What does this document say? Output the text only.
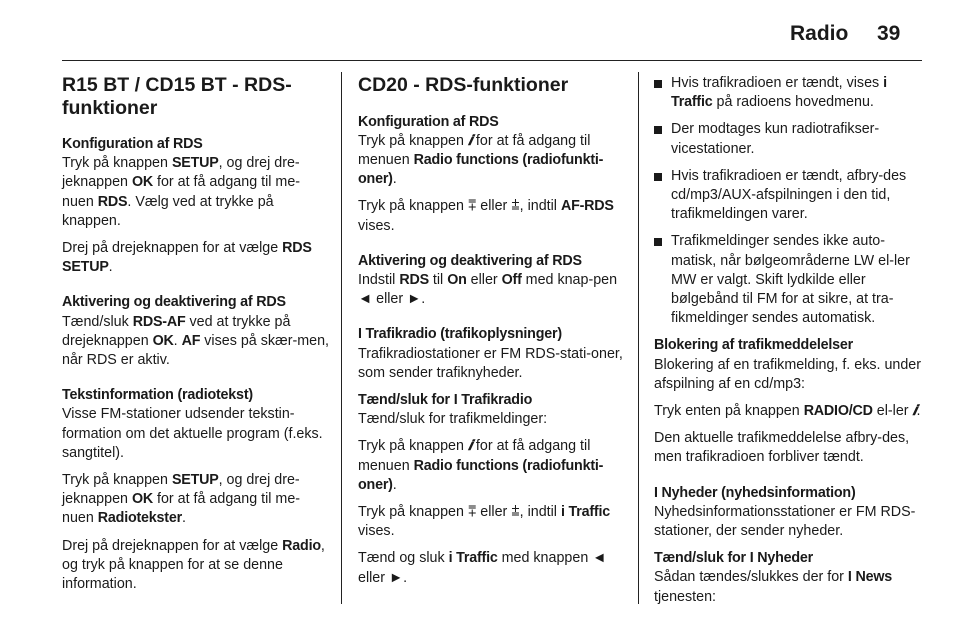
Radio 39
R15 BT / CD15 BT - RDS-funktioner
Konfiguration af RDS

Tryk på knappen SETUP, og drej dre-jeknappen OK for at få adgang til me-nuen RDS. Vælg ved at trykke på knappen.

Drej på drejeknappen for at vælge RDS SETUP.

Aktivering og deaktivering af RDS

Tænd/sluk RDS-AF ved at trykke på drejeknappen OK. AF vises på skær-men, når RDS er aktiv.

Tekstinformation (radiotekst)

Visse FM-stationer udsender tekstin-formation om det aktuelle program (f.eks. sangtitel).

Tryk på knappen SETUP, og drej dre-jeknappen OK for at få adgang til me-nuen Radiotekster.

Drej på drejeknappen for at vælge Radio, og tryk på knappen for at se denne information.

CD20 - RDS-funktioner
Konfiguration af RDS

Tryk på knappen 𝒊 for at få adgang til menuen Radio functions (radiofunkti-oner).

Tryk på knappen ⩱ eller ⩲, indtil AF-RDS vises.

Aktivering og deaktivering af RDS

Indstil RDS til On eller Off med knap-pen ◄ eller ►.

I Trafikradio (trafikoplysninger)

Trafikradiostationer er FM RDS-stati-oner, som sender trafiknyheder.

Tænd/sluk for I Trafikradio

Tænd/sluk for trafikmeldinger:

Tryk på knappen 𝒊 for at få adgang til menuen Radio functions (radiofunkti-oner).

Tryk på knappen ⩱ eller ⩲, indtil i Traffic vises.

Tænd og sluk i Traffic med knappen ◄ eller ►.

Hvis trafikradioen er tændt, vises i Traffic på radioens hovedmenu.
Der modtages kun radiotrafikser-vicestationer.
Hvis trafikradioen er tændt, afbry-des cd/mp3/AUX-afspilningen i den tid, trafikmeldingen varer.
Trafikmeldinger sendes ikke auto-matisk, når bølgeområderne LW el-ler MW er valgt. Skift lydkilde eller bølgebånd til FM for at sikre, at tra-fikmeldinger sendes automatisk.
Blokering af trafikmeddelelser

Blokering af en trafikmelding, f. eks. under afspilning af en cd/mp3:

Tryk enten på knappen RADIO/CD el-ler 𝒊.

Den aktuelle trafikmeddelelse afbry-des, men trafikradioen forbliver tændt.

I Nyheder (nyhedsinformation)

Nyhedsinformationsstationer er FM RDS-stationer, der sender nyheder.

Tænd/sluk for I Nyheder

Sådan tændes/slukkes der for I News tjenesten:
